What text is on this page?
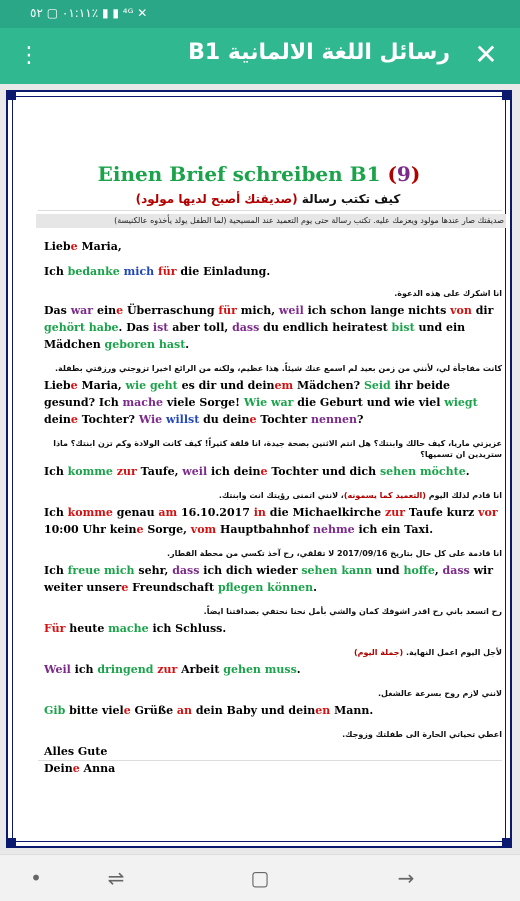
٠١:١١ ▢ ٥٢٪ ▮ ▮ ⁴ᴳ ✕
⋮	رسائل اللغة الالمانية B1 ✕
Einen Brief schreiben B1 (9)
كيف تكتب رسالة (صديقتك أصبح لديها مولود)
صديقتك صار عندها مولود ويعزمك عليه. تكتب رسالة حتى يوم التعميد عند المسيحية (لما الطفل يولد يأخذوه عالكنيسة)

Liebe Maria,

Ich bedanke mich für die Einladung.

انا اشكرك على هذه الدعوة.

Das war eine Überraschung für mich, weil ich schon lange nichts von dir gehört habe. Das ist aber toll, dass du endlich heiratest bist und ein Mädchen geboren hast.

كانت مفاجأة لي، لأنني من زمن بعيد لم اسمع عنك شيئاً. هذا عظيم، ولكنه من الرائع اخيرا تزوجتي ورزقتي بطفلة.

Liebe Maria, wie geht es dir und deinem Mädchen? Seid ihr beide gesund? Ich mache viele Sorge! Wie war die Geburt und wie viel wiegt deine Tochter? Wie willst du deine Tochter nennen?

عزيزتي ماريا، كيف حالك وابنتك؟ هل انتم الاثنين بصحة جيدة، انا قلقة كثيراً! كيف كانت الولادة وكم تزن ابنتك؟ ماذا ستريدين ان تسميها؟

Ich komme zur Taufe, weil ich deine Tochter und dich sehen möchte.

انا قادم لذلك اليوم (التعميد كما يسمونه)، لانني اتمنى رؤيتك انت وابنتك.

Ich komme genau am 16.10.2017 in die Michaelkirche zur Taufe kurz vor 10:00 Uhr keine Sorge, vom Hauptbahnhof nehme ich ein Taxi.

انا قادمة على كل حال بتاريخ 2017/09/16 لا تقلقي، رح آخذ تكسي من محطة القطار.

Ich freue mich sehr, dass ich dich wieder sehen kann und hoffe, dass wir weiter unsere Freundschaft pflegen können.

رح اتسعد باني رح اقدر اشوفك كمان والشي بأمل نحنا نحتفي بصداقتنا ايضاً.

Für heute mache ich Schluss.

لأجل اليوم اعمل النهاية. (جملة اليوم)

Weil ich dringend zur Arbeit gehen muss.

لانني لازم روح بسرعة عالشغل.

Gib bitte viele Grüße an dein Baby und deinen Mann.

اعطي تحياتي الحارة الى طفلتك وزوجك.

Alles Gute
Deine Anna

•	⇌	▢	→
